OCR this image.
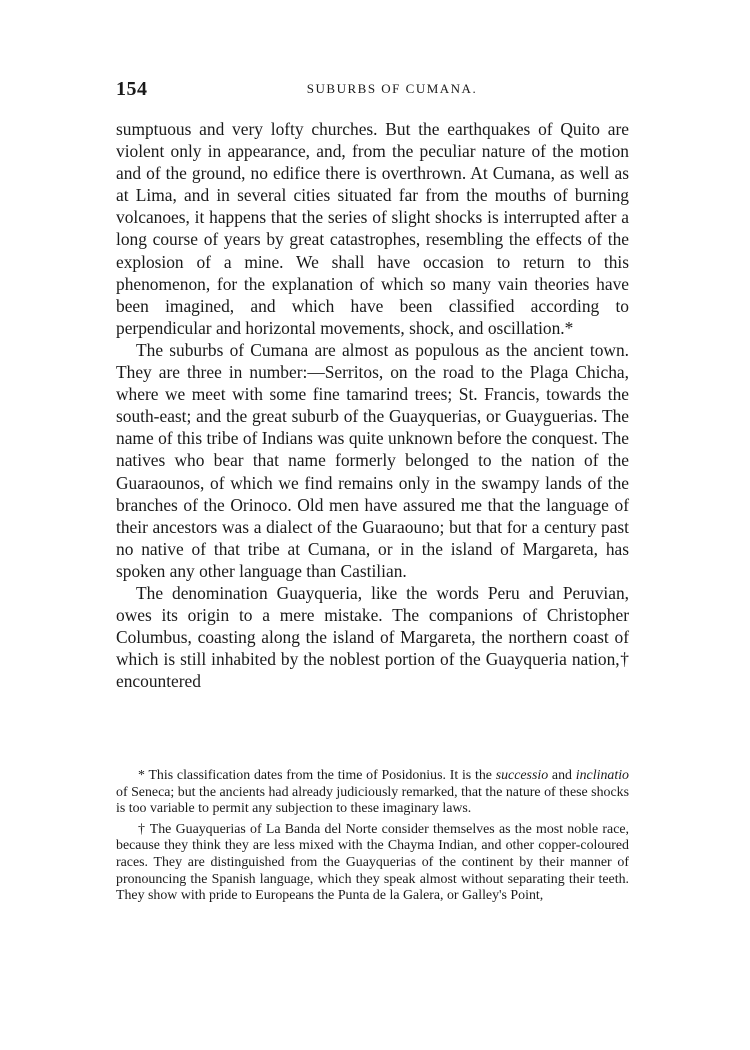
154	SUBURBS OF CUMANA.

sumptuous and very lofty churches. But the earthquakes of Quito are violent only in appearance, and, from the peculiar nature of the motion and of the ground, no edifice there is overthrown. At Cumana, as well as at Lima, and in several cities situated far from the mouths of burning volcanoes, it happens that the series of slight shocks is interrupted after a long course of years by great catastrophes, resembling the effects of the explosion of a mine. We shall have occasion to return to this phenomenon, for the explanation of which so many vain theories have been imagined, and which have been classified according to perpendicular and horizontal movements, shock, and oscillation.*

The suburbs of Cumana are almost as populous as the ancient town. They are three in number:—Serritos, on the road to the Plaga Chicha, where we meet with some fine tamarind trees; St. Francis, towards the south-east; and the great suburb of the Guayquerias, or Guayguerias. The name of this tribe of Indians was quite unknown before the conquest. The natives who bear that name formerly belonged to the nation of the Guaraounos, of which we find remains only in the swampy lands of the branches of the Orinoco. Old men have assured me that the language of their ancestors was a dialect of the Guaraouno; but that for a century past no native of that tribe at Cumana, or in the island of Margareta, has spoken any other language than Castilian.

The denomination Guayqueria, like the words Peru and Peruvian, owes its origin to a mere mistake. The companions of Christopher Columbus, coasting along the island of Margareta, the northern coast of which is still inhabited by the noblest portion of the Guayqueria nation,† encountered

* This classification dates from the time of Posidonius. It is the successio and inclinatio of Seneca; but the ancients had already judiciously remarked, that the nature of these shocks is too variable to permit any subjection to these imaginary laws.

† The Guayquerias of La Banda del Norte consider themselves as the most noble race, because they think they are less mixed with the Chayma Indian, and other copper-coloured races. They are distinguished from the Guayquerias of the continent by their manner of pronouncing the Spanish language, which they speak almost without separating their teeth. They show with pride to Europeans the Punta de la Galera, or Galley's Point,
